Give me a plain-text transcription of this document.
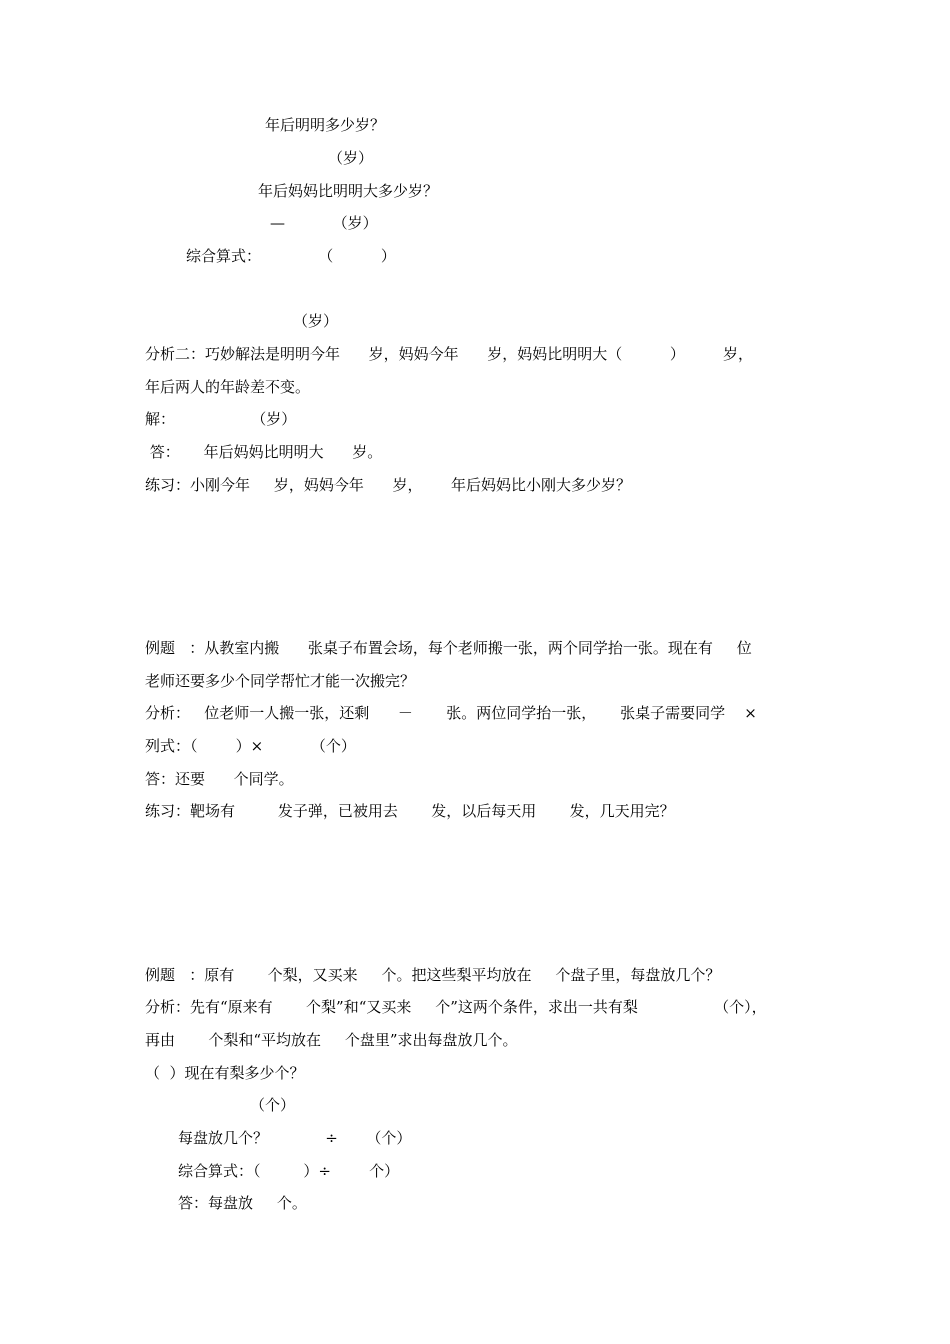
年后明明多少岁？
（岁）
年后妈妈比明明大多少岁？
—          （岁）
综合算式：            （          ）
（岁）
分析二：巧妙解法是明明今年      岁，妈妈今年      岁，妈妈比明明大（          ）        岁，
年后两人的年龄差不变。
解：                （岁）
答：     年后妈妈比明明大      岁。
练习：小刚今年     岁，妈妈今年      岁，      年后妈妈比小刚大多少岁？
例题   ：从教室内搬      张桌子布置会场，每个老师搬一张，两个同学抬一张。现在有     位
老师还要多少个同学帮忙才能一次搬完？
分析：   位老师一人搬一张，还剩      －       张。两位同学抬一张，     张桌子需要同学    ×
列式：（        ）×          （个）
答：还要      个同学。
练习：靶场有         发子弹，已被用去       发，以后每天用       发，几天用完？
例题   ：原有       个梨，又买来     个。把这些梨平均放在     个盘子里，每盘放几个？
分析：先有“原来有       个梨”和“又买来     个”这两个条件，求出一共有梨                （个），
再由       个梨和“平均放在     个盘里”求出每盘放几个。
（  ）现在有梨多少个？
（个）
每盘放几个？            ÷      （个）
综合算式：（         ）÷        个）
答：每盘放     个。
